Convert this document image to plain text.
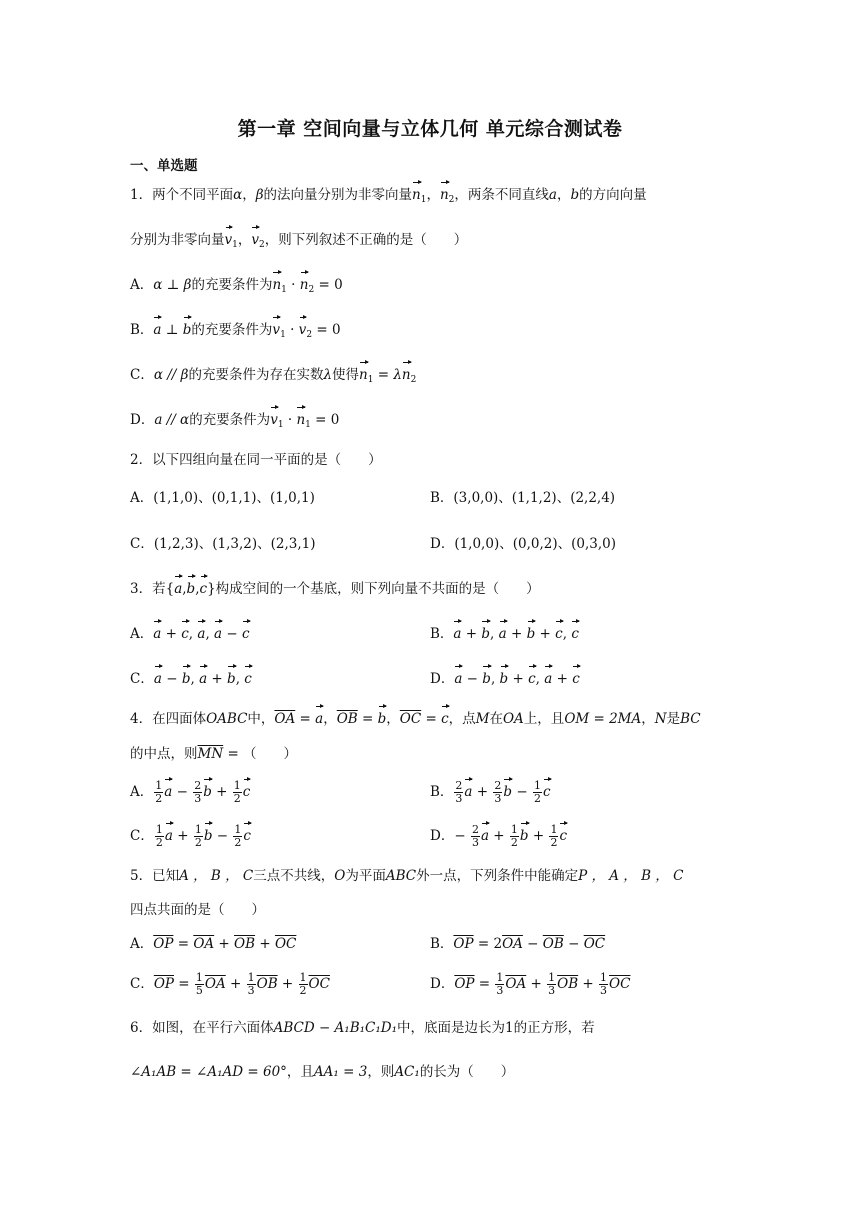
第一章 空间向量与立体几何 单元综合测试卷
一、单选题
1．两个不同平面α，β的法向量分别为非零向量$n_1$，$n_2$，两条不同直线a，b的方向向量
分别为非零向量$v_1$，$v_2$，则下列叙述不正确的是（　　）
A．α ⊥ β的充要条件为$n_1 \cdot n_2 = 0$
B．a ⊥ b的充要条件为$v_1 \cdot v_2 = 0$
C．α // β的充要条件为存在实数λ使得$n_1 = \lambda n_2$
D．a // α的充要条件为$v_1 \cdot n_1 = 0$
2．以下四组向量在同一平面的是（　　）
A．(1,1,0)、(0,1,1)、(1,0,1)	B．(3,0,0)、(1,1,2)、(2,2,4)
C．(1,2,3)、(1,3,2)、(2,3,1)	D．(1,0,0)、(0,0,2)、(0,3,0)
3．若{a,b,c}构成空间的一个基底，则下列向量不共面的是（　　）
A．a + c, a, a − c	B．a + b, a + b + c, c
C．a − b, a + b, c	D．a − b, b + c, a + c
4．在四面体OABC中，$\overline{OA} = a$，$\overline{OB} = b$，$\overline{OC} = c$，点M在OA上，且OM = 2MA，N是BC
的中点，则$\overline{MN}$ = （　　）
A． $\frac{1}{2}$ $a - \frac{2}{3}$ $b + \frac{1}{2}$ c	B． $\frac{2}{3}$ $a + \frac{2}{3}$ $b - \frac{1}{2}$ c
C． $\frac{1}{2}$ $a + \frac{1}{2}$ $b - \frac{1}{2}$ c	D．− $\frac{2}{3}$ $a + \frac{1}{2}$ $b + \frac{1}{2}$ c
5．已知A ， B ， C三点不共线，O为平面ABC外一点，下列条件中能确定P ， A ， B ， C
四点共面的是（　　）
A．$\overline{OP} = \overline{OA} + \overline{OB} + \overline{OC}$	B．$\overline{OP} = 2\overline{OA} - \overline{OB} - \overline{OC}$
C．$\overline{OP} = \frac{1}{5} \overline{OA} + \frac{1}{3} \overline{OB} + \frac{1}{2} \overline{OC}$	D．$\overline{OP} = \frac{1}{3} \overline{OA} + \frac{1}{3} \overline{OB} + \frac{1}{3} \overline{OC}$
6．如图，在平行六面体ABCD − A₁B₁C₁D₁中，底面是边长为1的正方形，若
∠A₁AB = ∠A₁AD = 60°，且AA₁ = 3，则AC₁的长为（　　）
